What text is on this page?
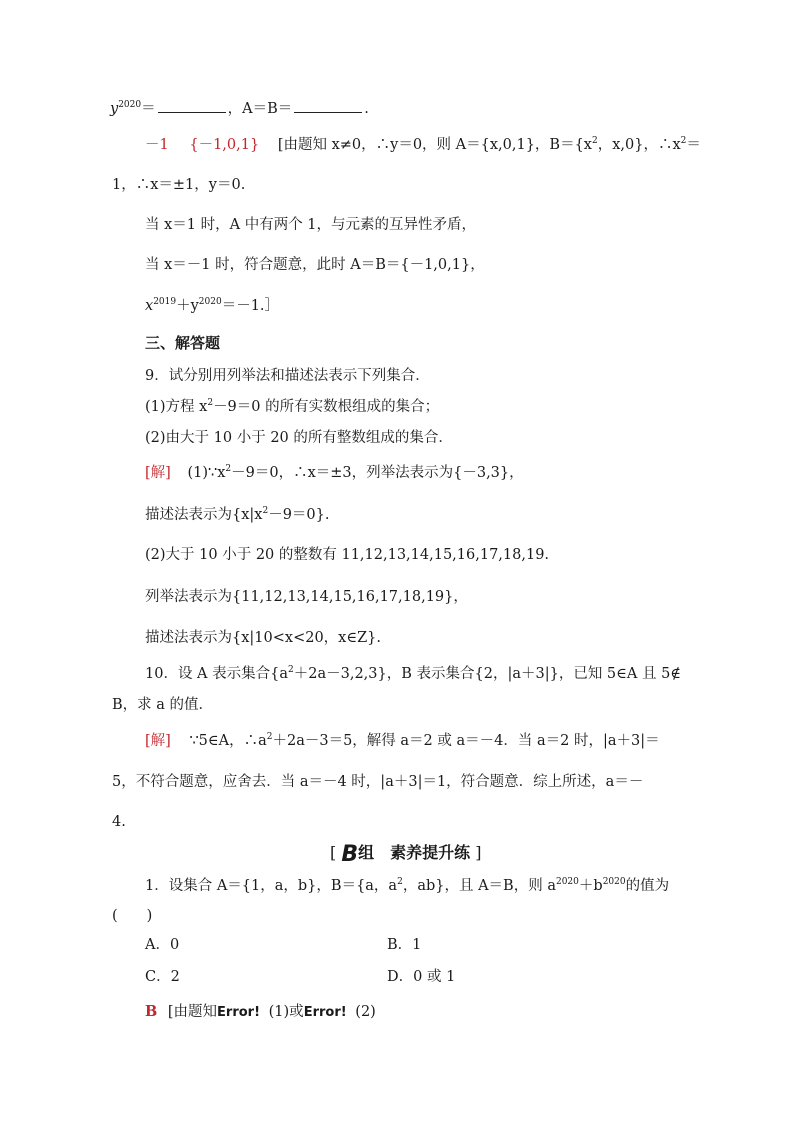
$y^{2020}=$	，A＝B＝	.
－1 {－1,0,1} [由题知 x≠0，∴y＝0，则 A＝{x,0,1}，$B=\{x^2$，x,0}，$\therefore x^2=$
1，∴x＝±1，y＝0.
当 x＝1 时，A 中有两个 1，与元素的互异性矛盾，
当 x＝－1 时，符合题意，此时 A＝B＝{－1,0,1}，
$x^{2019}+y^{2020}=-1.]$
三、解答题
9．试分别用列举法和描述法表示下列集合．
(1)方程 $x^2-9=0$ 的所有实数根组成的集合；
(2)由大于 10 小于 20 的所有整数组成的集合．
[解] $(1)\because x^2-9=0$，∴x＝±3，列举法表示为{－3,3}，
描述法表示为$\{x|x^2-9=0\}$.
(2)大于 10 小于 20 的整数有 11,12,13,14,15,16,17,18,19.
列举法表示为{11,12,13,14,15,16,17,18,19}，
描述法表示为{x|10<x<20，x∈Z}.
10．设 A 表示集合$\{a^2+2a-3,2,3\}$，B 表示集合{2，|a＋3|}，已知 5∈A 且 5∉
B，求 a 的值．
[解] ∵5∈A，$\therefore a^2+2a-3=5$，解得 a＝2 或 a＝－4．当 a＝2 时，|a＋3|＝
5，不符合题意，应舍去．当 a＝－4 时，|a＋3|＝1，符合题意．综上所述，a＝－
4.
[ B组　素养提升练 ]
1．设集合 A＝{1，a，b}，B＝{a，$a^2$，ab}，且 A＝B，则 $a^{2020}+b^{2020}$的值为
(　　)
A．0	B．1
C．2	D．0 或 1
B [由题知Error! (1)或Error! (2)
